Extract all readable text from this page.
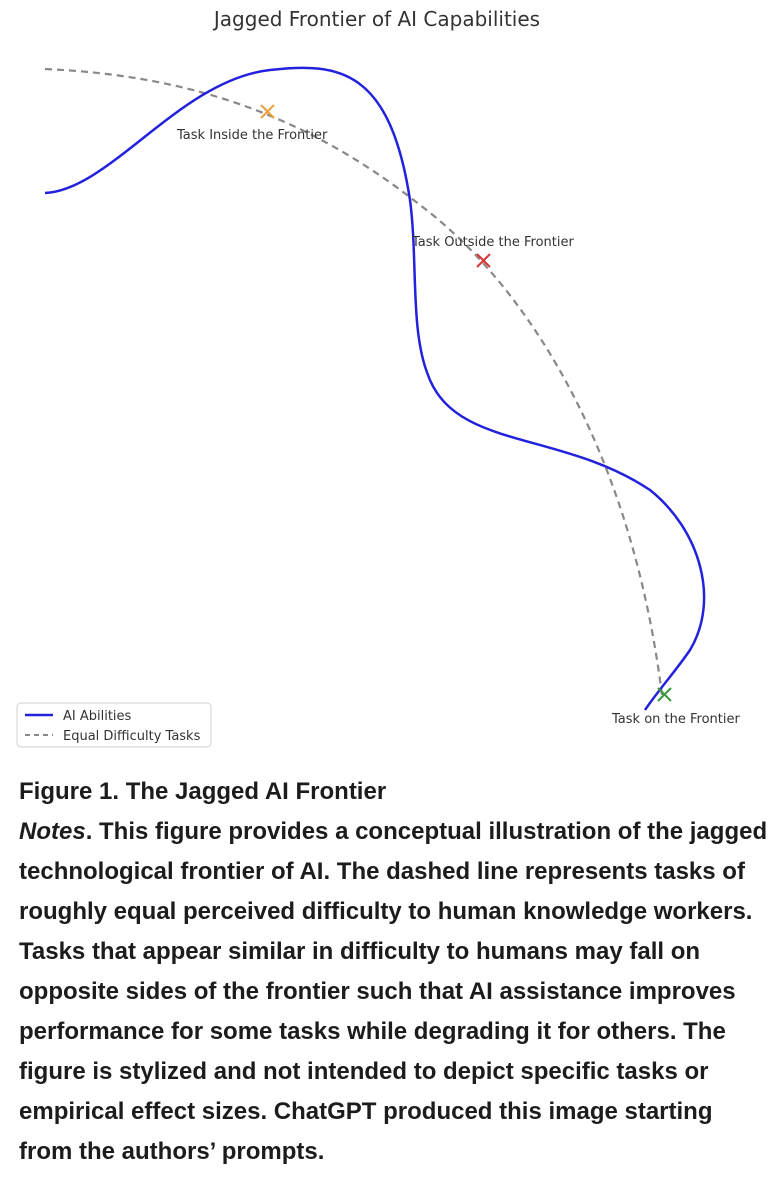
Jagged Frontier of AI Capabilities
Task Inside the Frontier
Task Outside the Frontier
Task on the Frontier
AI Abilities
Equal Difficulty Tasks
Figure 1. The Jagged AI Frontier
Notes. This figure provides a conceptual illustration of the jagged technological frontier of AI. The dashed line represents tasks of roughly equal perceived difficulty to human knowledge workers. Tasks that appear similar in difficulty to humans may fall on opposite sides of the frontier such that AI assistance improves performance for some tasks while degrading it for others. The figure is stylized and not intended to depict specific tasks or empirical effect sizes. ChatGPT produced this image starting from the authors’ prompts.
